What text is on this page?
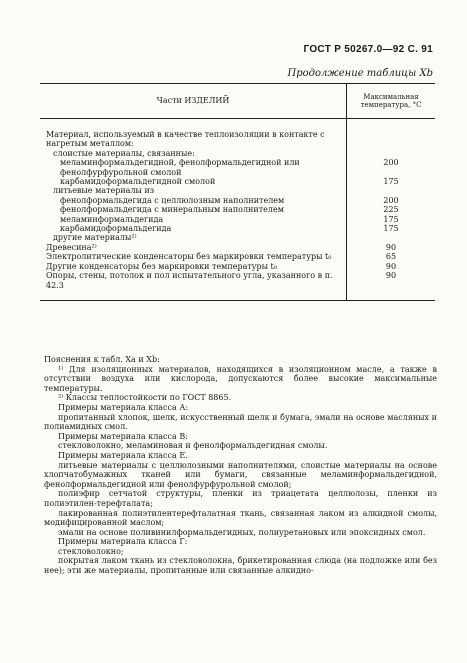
ГОСТ Р 50267.0—92 С. 91
Продолжение таблицы Xb
Части ИЗДЕЛИЙ	Максимальная температура, °С
Материал, используемый в качестве теплоизоляции в контакте с нагретым металлом:	
слоистые материалы, связанные:	
меламинформальдегидной, фенолформальдегидной или фенолфурфурольной смолой	200
карбамидоформальдегидной смолой	175
литьевые материалы из	
фенолформальдегида с целлюлозным наполнителем	200
фенолформальдегида с минеральным наполнителем	225
меламинформальдегида	175
карбамидоформальдегида	175
другие материалы²⁾	
Древесина²⁾	90
Электролитические конденсаторы без маркировки температуры t₀	65
Другие конденсаторы без маркировки температуры t₀	90
Опоры, стены, потолок и пол испытательного угла, указанного в п. 42.3	90

Пояснения к табл. Xa и Xb:

¹⁾ Для изоляционных материалов, находящихся в изоляционном масле, а также в отсутствии воздуха или кислорода, допускаются более высокие максимальные температуры.

²⁾ Классы теплостойкости по ГОСТ 8865.

Примеры материала класса А:

пропитанный хлопок, шелк, искусственный шелк и бумага, эмали на основе масляных и полиамидных смол.

Примеры материала класса В:

стекловолокно, меламиновая и фенолформальдегидная смолы.

Примеры материала класса Е.

литьевые материалы с целлюлозными наполнителями, слоистые материалы на основе хлопчатобумажных тканей или бумаги, связанные меламинформальдегидной, фенолформальдегидной или фенолфурфурольной смолой;

полиэфир сетчатой структуры, пленки из триацетата целлюлозы, пленки из полиэтилен-терефталата;

лакированная полиэтилентерефталатная ткань, связанная лаком из алкидной смолы, модифицированной маслом;

эмали на основе поливинилформальдегидных, полиуретановых или эпоксидных смол.

Примеры материала класса Г:

стекловолокно;

покрытая лаком ткань из стекловолокна, брикетированная слюда (на подложке или без нее); эти же материалы, пропитанные или связанные алкидно-
